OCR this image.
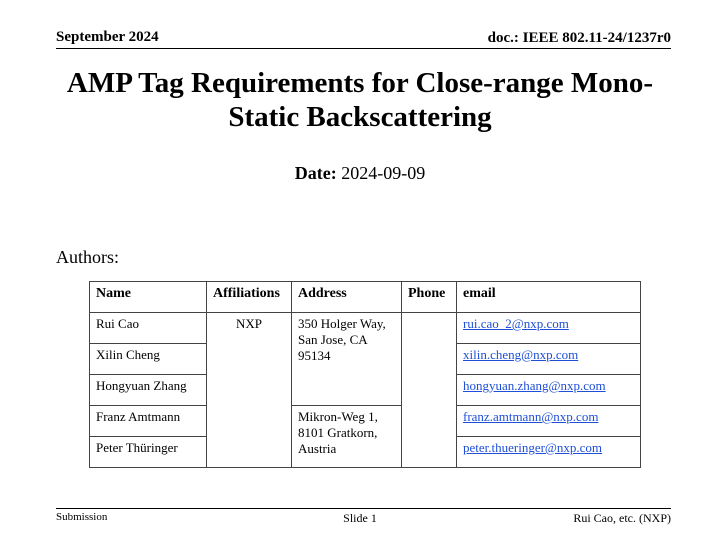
September 2024	doc.: IEEE 802.11-24/1237r0
AMP Tag Requirements for Close-range Mono-Static Backscattering
Date: 2024-09-09
Authors:
Name	Affiliations	Address	Phone	email
Rui Cao	NXP	350 Holger Way, San Jose, CA 95134		rui.cao_2@nxp.com
Xilin Cheng				xilin.cheng@nxp.com
Hongyuan Zhang				hongyuan.zhang@nxp.com
Franz Amtmann		Mikron-Weg 1, 8101 Gratkorn, Austria		franz.amtmann@nxp.com
Peter Thüringer				peter.thueringer@nxp.com
Submission	Slide 1	Rui Cao, etc. (NXP)
